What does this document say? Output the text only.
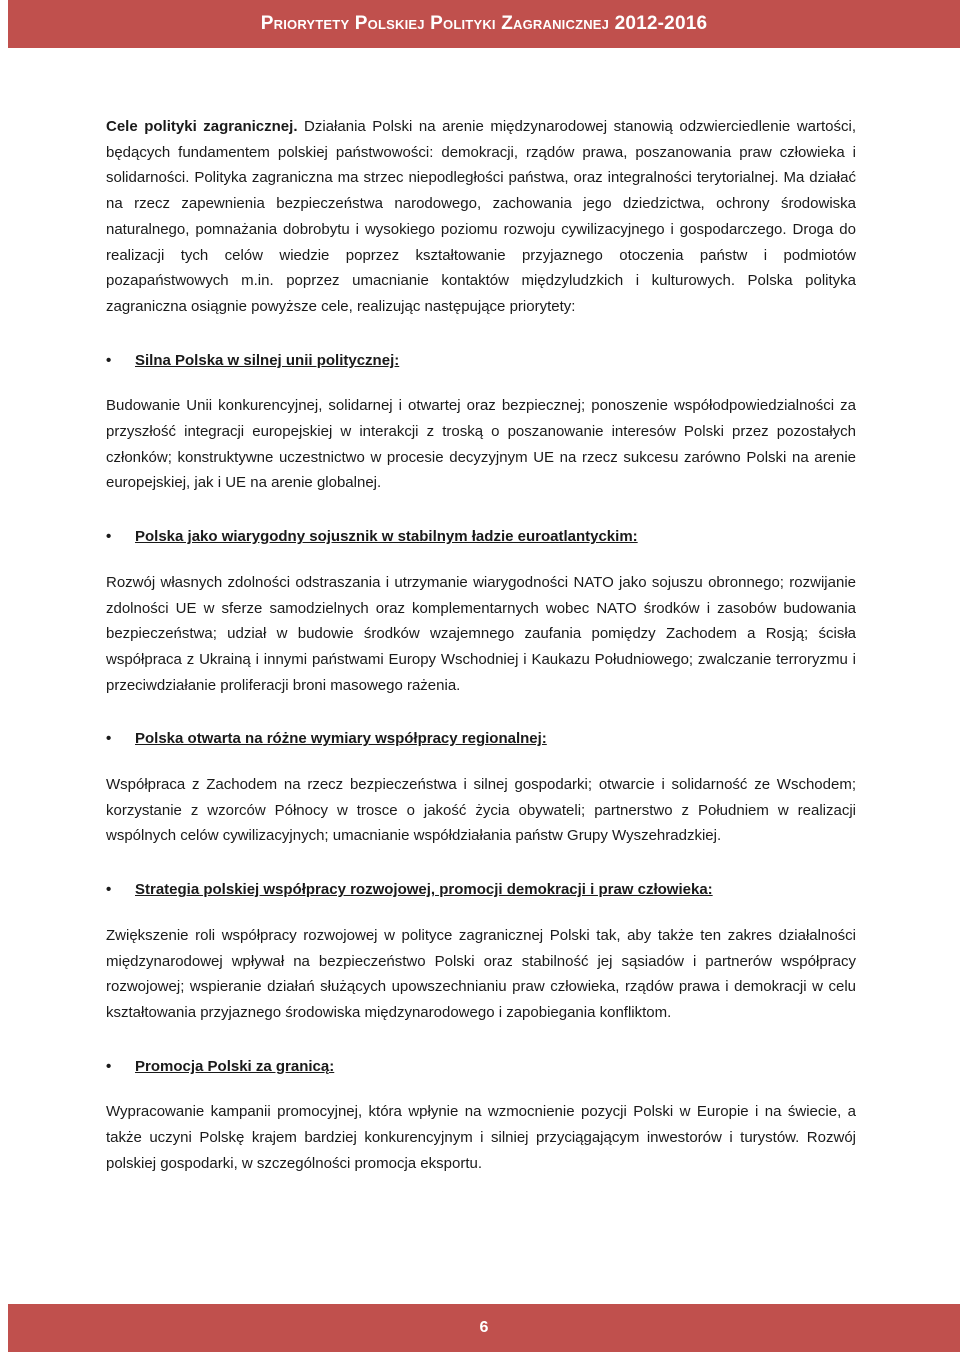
Priorytety Polskiej Polityki Zagranicznej 2012-2016

Cele polityki zagranicznej. Działania Polski na arenie międzynarodowej stanowią odzwierciedlenie wartości, będących fundamentem polskiej państwowości: demokracji, rządów prawa, poszanowania praw człowieka i solidarności. Polityka zagraniczna ma strzec niepodległości państwa, oraz integralności terytorialnej. Ma działać na rzecz zapewnienia bezpieczeństwa narodowego, zachowania jego dziedzictwa, ochrony środowiska naturalnego, pomnażania dobrobytu i wysokiego poziomu rozwoju cywilizacyjnego i gospodarczego. Droga do realizacji tych celów wiedzie poprzez kształtowanie przyjaznego otoczenia państw i podmiotów pozapaństwowych m.in. poprzez umacnianie kontaktów międzyludzkich i kulturowych. Polska polityka zagraniczna osiągnie powyższe cele, realizując następujące priorytety:

•	Silna Polska w silnej unii politycznej:

Budowanie Unii konkurencyjnej, solidarnej i otwartej oraz bezpiecznej; ponoszenie współodpowiedzialności za przyszłość integracji europejskiej w interakcji z troską o poszanowanie interesów Polski przez pozostałych członków; konstruktywne uczestnictwo w procesie decyzyjnym UE na rzecz sukcesu zarówno Polski na arenie europejskiej, jak i UE na arenie globalnej.

•	Polska jako wiarygodny sojusznik w stabilnym ładzie euroatlantyckim:

Rozwój własnych zdolności odstraszania i utrzymanie wiarygodności NATO jako sojuszu obronnego; rozwijanie zdolności UE w sferze samodzielnych oraz komplementarnych wobec NATO środków i zasobów budowania bezpieczeństwa; udział w budowie środków wzajemnego zaufania pomiędzy Zachodem a Rosją; ścisła współpraca z Ukrainą i innymi państwami Europy Wschodniej i Kaukazu Południowego; zwalczanie terroryzmu i przeciwdziałanie proliferacji broni masowego rażenia.

•	Polska otwarta na różne wymiary współpracy regionalnej:

Współpraca z Zachodem na rzecz bezpieczeństwa i silnej gospodarki; otwarcie i solidarność ze Wschodem; korzystanie z wzorców Północy w trosce o jakość życia obywateli; partnerstwo z Południem w realizacji wspólnych celów cywilizacyjnych; umacnianie współdziałania państw Grupy Wyszehradzkiej.

•	Strategia polskiej współpracy rozwojowej, promocji demokracji i praw człowieka:

Zwiększenie roli współpracy rozwojowej w polityce zagranicznej Polski tak, aby także ten zakres działalności międzynarodowej wpływał na bezpieczeństwo Polski oraz stabilność jej sąsiadów i partnerów współpracy rozwojowej; wspieranie działań służących upowszechnianiu praw człowieka, rządów prawa i demokracji w celu kształtowania przyjaznego środowiska międzynarodowego i zapobiegania konfliktom.

•	Promocja Polski za granicą:

Wypracowanie kampanii promocyjnej, która wpłynie na wzmocnienie pozycji Polski w Europie i na świecie, a także uczyni Polskę krajem bardziej konkurencyjnym i silniej przyciągającym inwestorów i turystów. Rozwój polskiej gospodarki, w szczególności promocja eksportu.

6
